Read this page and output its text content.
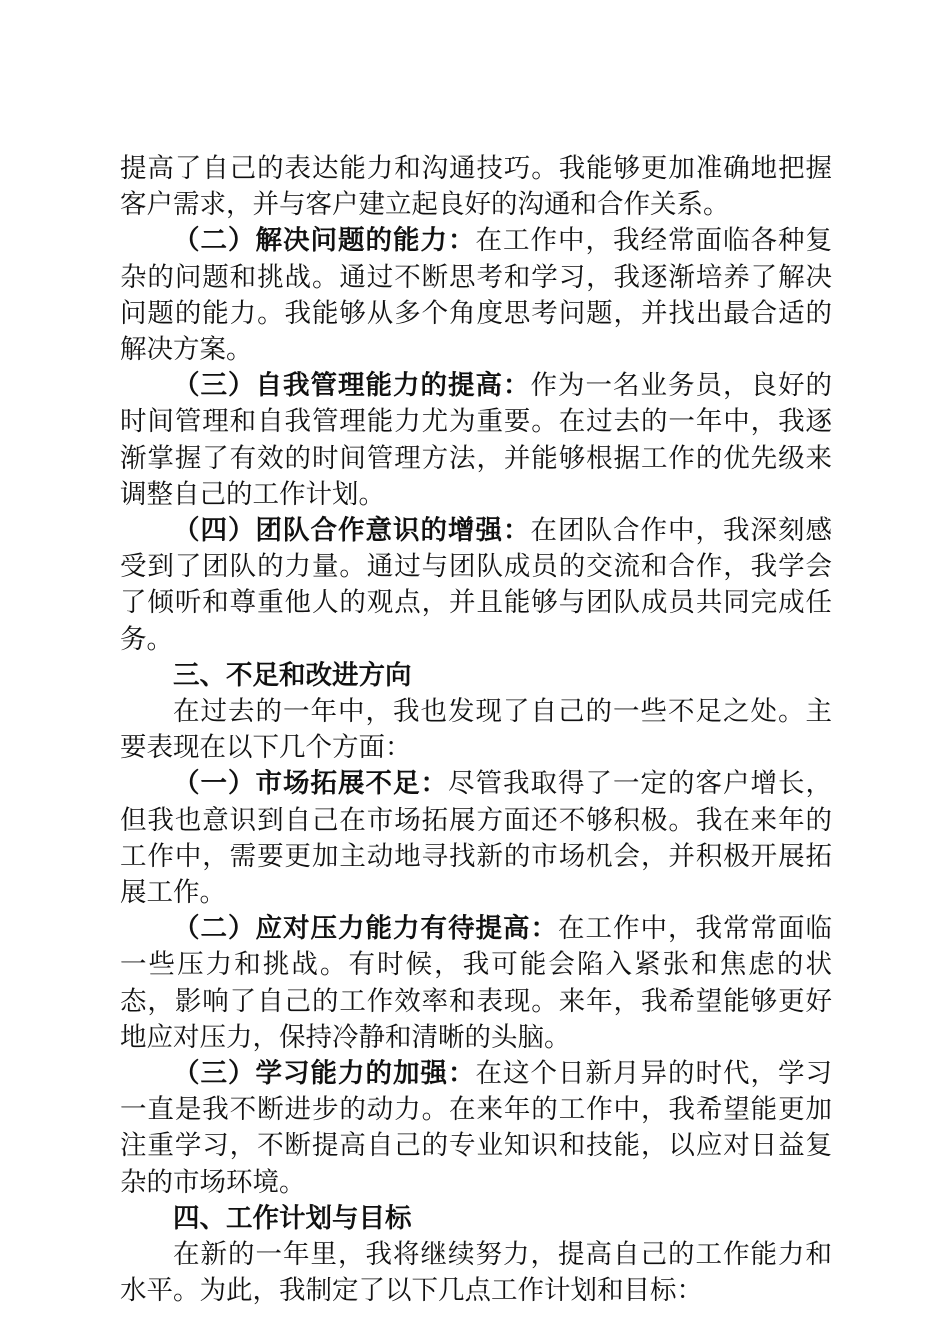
提高了自己的表达能力和沟通技巧。我能够更加准确地把握客户需求，并与客户建立起良好的沟通和合作关系。

（二）解决问题的能力：在工作中，我经常面临各种复杂的问题和挑战。通过不断思考和学习，我逐渐培养了解决问题的能力。我能够从多个角度思考问题，并找出最合适的解决方案。

（三）自我管理能力的提高：作为一名业务员，良好的时间管理和自我管理能力尤为重要。在过去的一年中，我逐渐掌握了有效的时间管理方法，并能够根据工作的优先级来调整自己的工作计划。

（四）团队合作意识的增强：在团队合作中，我深刻感受到了团队的力量。通过与团队成员的交流和合作，我学会了倾听和尊重他人的观点，并且能够与团队成员共同完成任务。

三、不足和改进方向

在过去的一年中，我也发现了自己的一些不足之处。主要表现在以下几个方面：

（一）市场拓展不足：尽管我取得了一定的客户增长，但我也意识到自己在市场拓展方面还不够积极。我在来年的工作中，需要更加主动地寻找新的市场机会，并积极开展拓展工作。

（二）应对压力能力有待提高：在工作中，我常常面临一些压力和挑战。有时候，我可能会陷入紧张和焦虑的状态，影响了自己的工作效率和表现。来年，我希望能够更好地应对压力，保持冷静和清晰的头脑。

（三）学习能力的加强：在这个日新月异的时代，学习一直是我不断进步的动力。在来年的工作中，我希望能更加注重学习，不断提高自己的专业知识和技能，以应对日益复杂的市场环境。

四、工作计划与目标

在新的一年里，我将继续努力，提高自己的工作能力和水平。为此，我制定了以下几点工作计划和目标：
